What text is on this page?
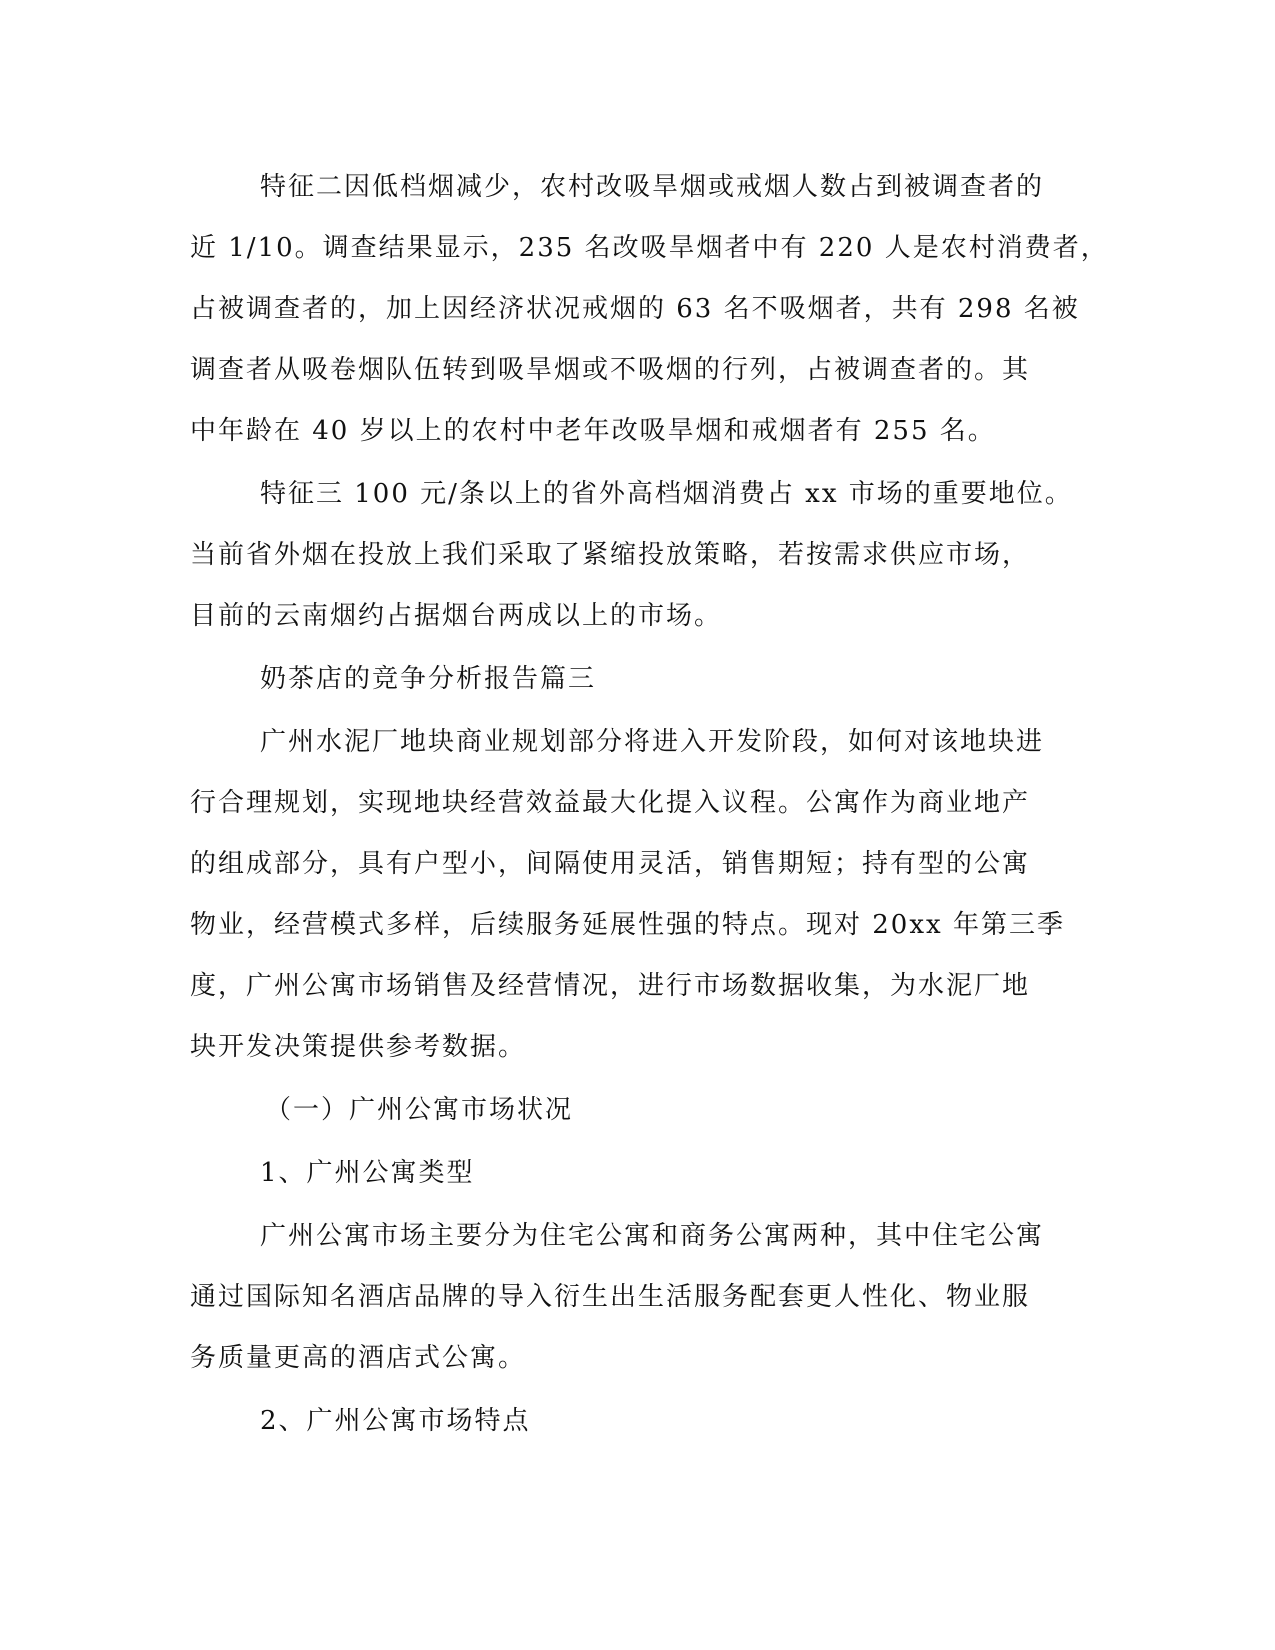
特征二因低档烟减少，农村改吸旱烟或戒烟人数占到被调查者的
近 1/10。调查结果显示，235 名改吸旱烟者中有 220 人是农村消费者，
占被调查者的，加上因经济状况戒烟的 63 名不吸烟者，共有 298 名被
调查者从吸卷烟队伍转到吸旱烟或不吸烟的行列，占被调查者的。其
中年龄在 40 岁以上的农村中老年改吸旱烟和戒烟者有 255 名。
特征三 100 元/条以上的省外高档烟消费占 xx 市场的重要地位。
当前省外烟在投放上我们采取了紧缩投放策略，若按需求供应市场，
目前的云南烟约占据烟台两成以上的市场。
奶茶店的竞争分析报告篇三
广州水泥厂地块商业规划部分将进入开发阶段，如何对该地块进
行合理规划，实现地块经营效益最大化提入议程。公寓作为商业地产
的组成部分，具有户型小，间隔使用灵活，销售期短；持有型的公寓
物业，经营模式多样，后续服务延展性强的特点。现对 20xx 年第三季
度，广州公寓市场销售及经营情况，进行市场数据收集，为水泥厂地
块开发决策提供参考数据。
（一）广州公寓市场状况
1、广州公寓类型
广州公寓市场主要分为住宅公寓和商务公寓两种，其中住宅公寓
通过国际知名酒店品牌的导入衍生出生活服务配套更人性化、物业服
务质量更高的酒店式公寓。
2、广州公寓市场特点
